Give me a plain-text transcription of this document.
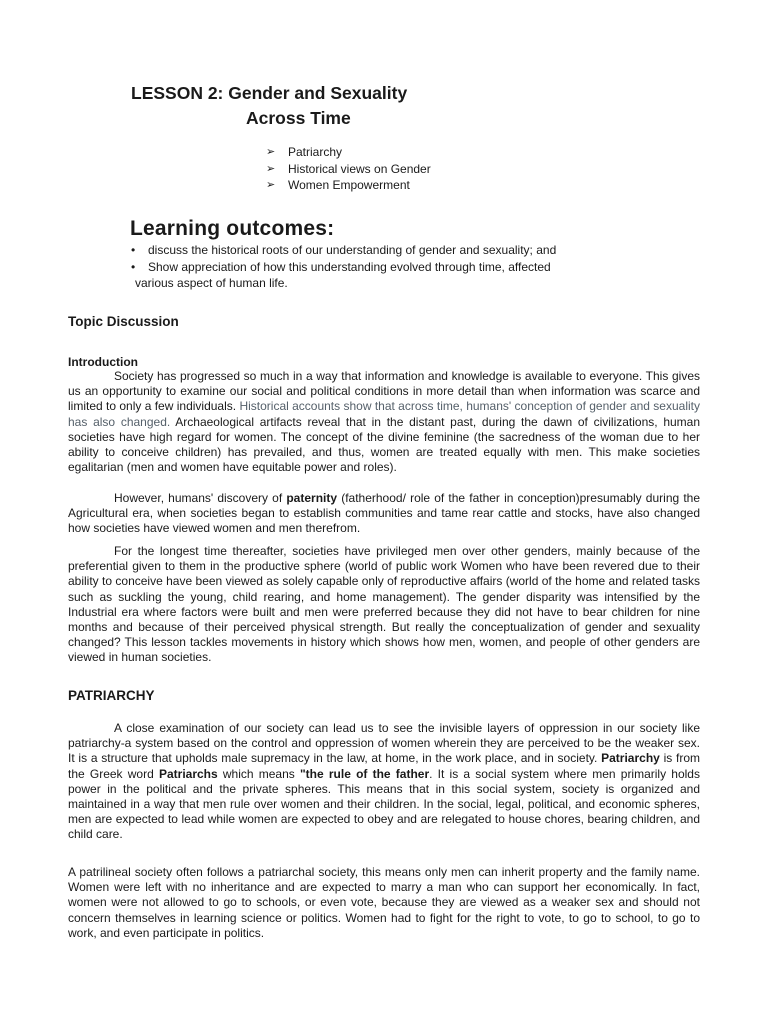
LESSON 2: Gender and Sexuality
Across Time
➢	Patriarchy
➢	Historical views on Gender
➢	Women Empowerment
Learning outcomes:
•	discuss the historical roots of our understanding of gender and sexuality; and
•	Show appreciation of how this understanding evolved through time, affected
various aspect of human life.
Topic Discussion
Introduction

Society has progressed so much in a way that information and knowledge is available to everyone. This gives us an opportunity to examine our social and political conditions in more detail than when information was scarce and limited to only a few individuals. Historical accounts show that across time, humans' conception of gender and sexuality has also changed. Archaeological artifacts reveal that in the distant past, during the dawn of civilizations, human societies have high regard for women. The concept of the divine feminine (the sacredness of the woman due to her ability to conceive children) has prevailed, and thus, women are treated equally with men. This make societies egalitarian (men and women have equitable power and roles).

However, humans' discovery of paternity (fatherhood/ role of the father in conception)presumably during the Agricultural era, when societies began to establish communities and tame rear cattle and stocks, have also changed how societies have viewed women and men therefrom.

For the longest time thereafter, societies have privileged men over other genders, mainly because of the preferential given to them in the productive sphere (world of public work Women who have been revered due to their ability to conceive have been viewed as solely capable only of reproductive affairs (world of the home and related tasks such as suckling the young, child rearing, and home management). The gender disparity was intensified by the Industrial era where factors were built and men were preferred because they did not have to bear children for nine months and because of their perceived physical strength. But really the conceptualization of gender and sexuality changed? This lesson tackles movements in history which shows how men, women, and people of other genders are viewed in human societies.

PATRIARCHY

A close examination of our society can lead us to see the invisible layers of oppression in our society like patriarchy-a system based on the control and oppression of women wherein they are perceived to be the weaker sex. It is a structure that upholds male supremacy in the law, at home, in the work place, and in society. Patriarchy is from the Greek word Patriarchs which means "the rule of the father. It is a social system where men primarily holds power in the political and the private spheres. This means that in this social system, society is organized and maintained in a way that men rule over women and their children. In the social, legal, political, and economic spheres, men are expected to lead while women are expected to obey and are relegated to house chores, bearing children, and child care.

A patrilineal society often follows a patriarchal society, this means only men can inherit property and the family name. Women were left with no inheritance and are expected to marry a man who can support her economically. In fact, women were not allowed to go to schools, or even vote, because they are viewed as a weaker sex and should not concern themselves in learning science or politics. Women had to fight for the right to vote, to go to school, to go to work, and even participate in politics.
